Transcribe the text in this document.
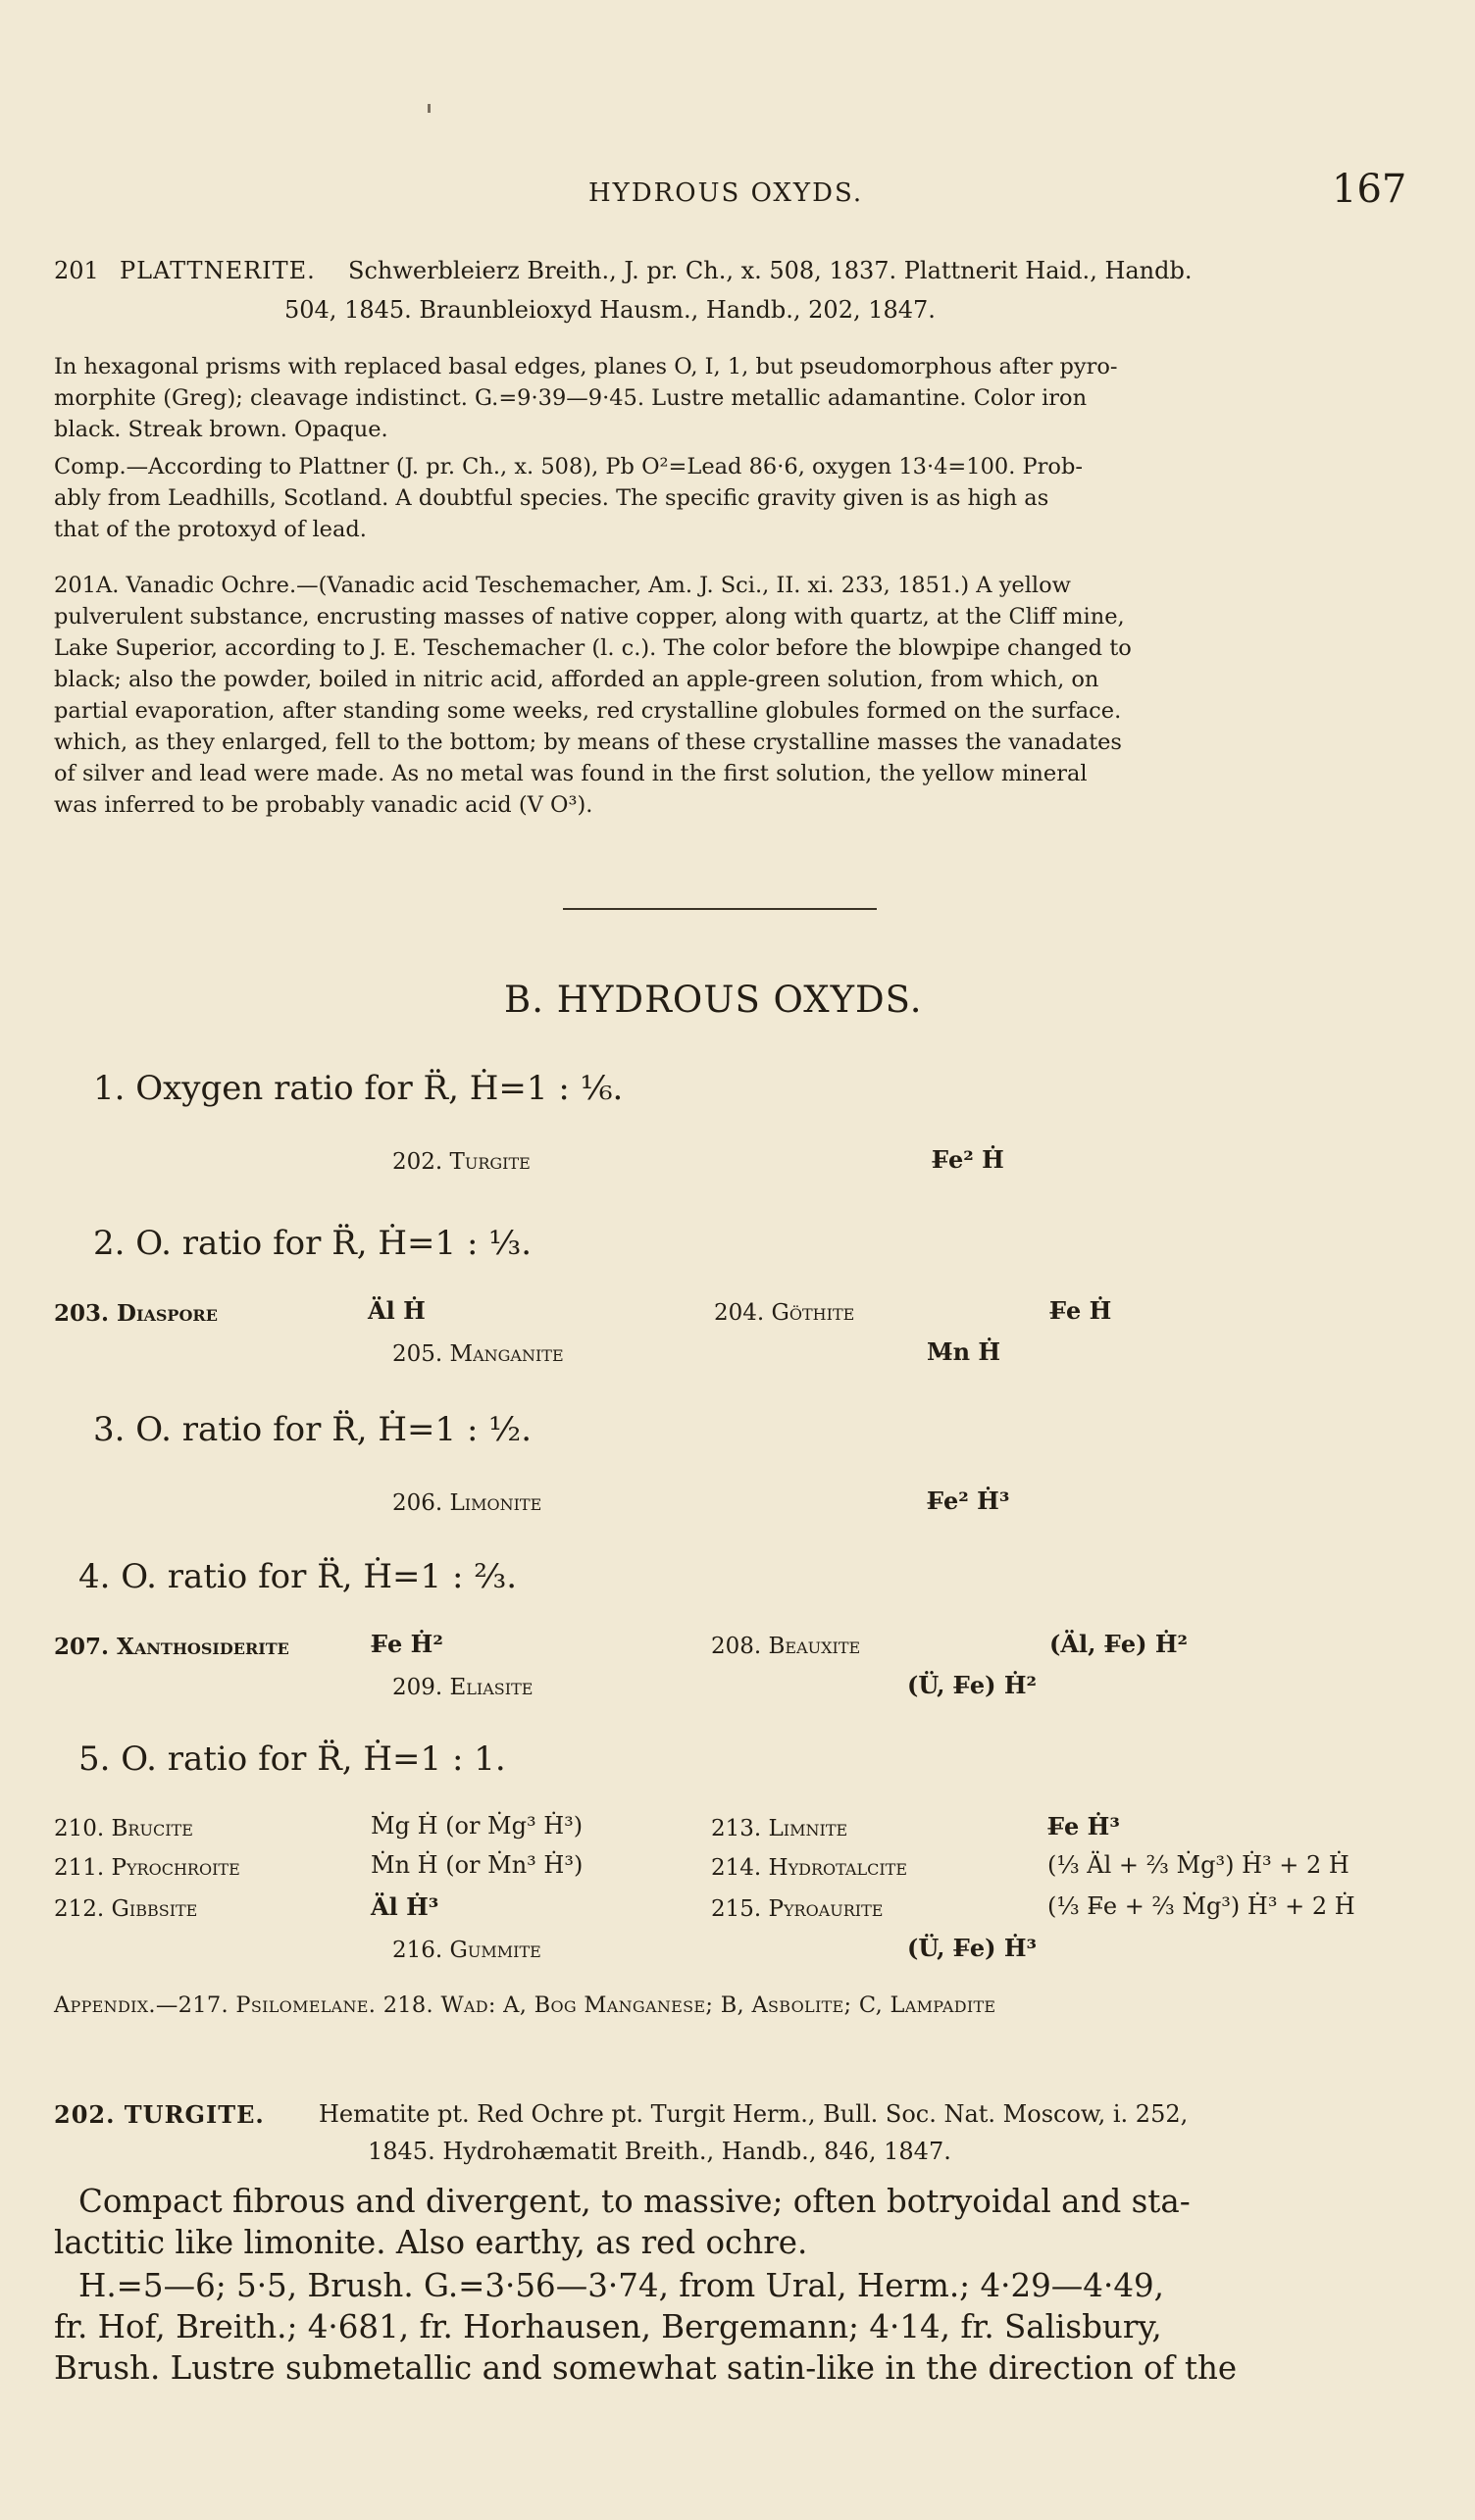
HYDROUS OXYDS.	167
201 PLATTNERITE. Schwerbleierz Breith., J. pr. Ch., x. 508, 1837. Plattnerit Haid., Handb.
504, 1845. Braunbleioxyd Hausm., Handb., 202, 1847.
In hexagonal prisms with replaced basal edges, planes O, I, 1, but pseudomorphous after pyro-
morphite (Greg); cleavage indistinct. G.=9·39—9·45. Lustre metallic adamantine. Color iron
black. Streak brown. Opaque.
Comp.—According to Plattner (J. pr. Ch., x. 508), Pb O²=Lead 86·6, oxygen 13·4=100. Prob-
ably from Leadhills, Scotland. A doubtful species. The specific gravity given is as high as
that of the protoxyd of lead.
201A. Vanadic Ochre.—(Vanadic acid Teschemacher, Am. J. Sci., II. xi. 233, 1851.) A yellow
pulverulent substance, encrusting masses of native copper, along with quartz, at the Cliff mine,
Lake Superior, according to J. E. Teschemacher (l. c.). The color before the blowpipe changed to
black; also the powder, boiled in nitric acid, afforded an apple-green solution, from which, on
partial evaporation, after standing some weeks, red crystalline globules formed on the surface.
which, as they enlarged, fell to the bottom; by means of these crystalline masses the vanadates
of silver and lead were made. As no metal was found in the first solution, the yellow mineral
was inferred to be probably vanadic acid (V O³).
B. HYDROUS OXYDS.
1. Oxygen ratio for R̈, Ḣ=1 : ⅙.
202. Turgite	F̶e² Ḣ
2. O. ratio for R̈, Ḣ=1 : ⅓.
203. Diaspore	Äl Ḣ	204. Göthite	F̶e Ḣ
205. Manganite	M̶n Ḣ
3. O. ratio for R̈, Ḣ=1 : ½.
206. Limonite	F̶e² Ḣ³
4. O. ratio for R̈, Ḣ=1 : ⅔.
207. Xanthosiderite	F̶e Ḣ²	208. Beauxite	(Äl, F̶e) Ḣ²
209. Eliasite	(Ü, F̶e) Ḣ²
5. O. ratio for R̈, Ḣ=1 : 1.
210. Brucite	Ṁg Ḣ (or Ṁg³ Ḣ³)	213. Limnite	F̶e Ḣ³
211. Pyrochroite	Ṁn Ḣ (or Ṁn³ Ḣ³)	214. Hydrotalcite	(⅓ Äl + ⅔ Ṁg³) Ḣ³ + 2 Ḣ
212. Gibbsite	Äl Ḣ³	215. Pyroaurite	(⅓ F̶e + ⅔ Ṁg³) Ḣ³ + 2 Ḣ
216. Gummite	(Ü, F̶e) Ḣ³
Appendix.—217. Psilomelane. 218. Wad: A, Bog Manganese; B, Asbolite; C, Lampadite
202. TURGITE. Hematite pt. Red Ochre pt. Turgit Herm., Bull. Soc. Nat. Moscow, i. 252,
1845. Hydrohæmatit Breith., Handb., 846, 1847.
Compact fibrous and divergent, to massive; often botryoidal and sta-
lactitic like limonite. Also earthy, as red ochre.
H.=5—6; 5·5, Brush. G.=3·56—3·74, from Ural, Herm.; 4·29—4·49,
fr. Hof, Breith.; 4·681, fr. Horhausen, Bergemann; 4·14, fr. Salisbury,
Brush. Lustre submetallic and somewhat satin-like in the direction of the
